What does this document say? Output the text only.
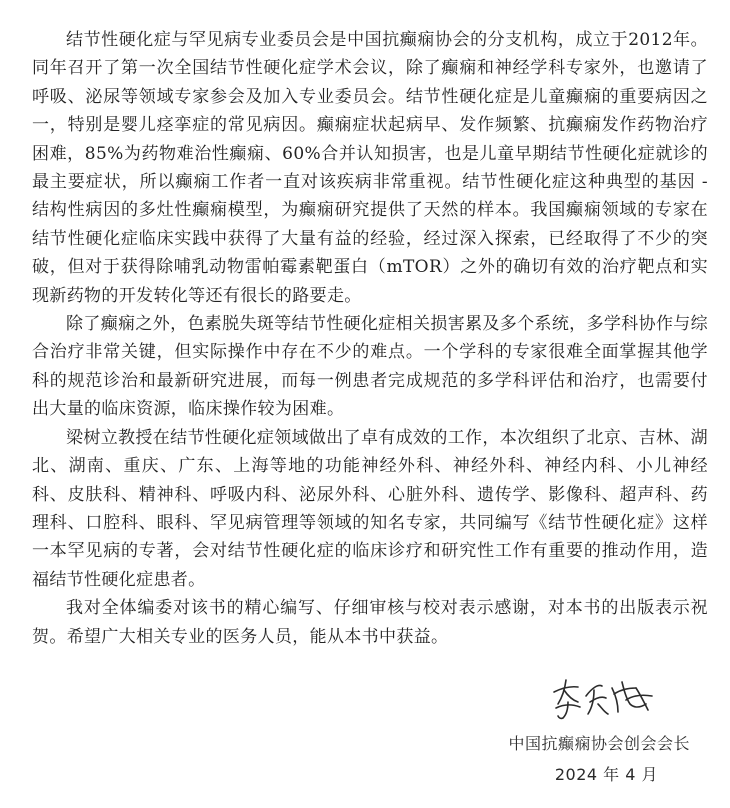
结节性硬化症与罕见病专业委员会是中国抗癫痫协会的分支机构，成立于2012年。同年召开了第一次全国结节性硬化症学术会议，除了癫痫和神经学科专家外，也邀请了呼吸、泌尿等领域专家参会及加入专业委员会。结节性硬化症是儿童癫痫的重要病因之一，特别是婴儿痉挛症的常见病因。癫痫症状起病早、发作频繁、抗癫痫发作药物治疗困难，85%为药物难治性癫痫、60%合并认知损害，也是儿童早期结节性硬化症就诊的最主要症状，所以癫痫工作者一直对该疾病非常重视。结节性硬化症这种典型的基因 - 结构性病因的多灶性癫痫模型，为癫痫研究提供了天然的样本。我国癫痫领域的专家在结节性硬化症临床实践中获得了大量有益的经验，经过深入探索，已经取得了不少的突破，但对于获得除哺乳动物雷帕霉素靶蛋白（mTOR）之外的确切有效的治疗靶点和实现新药物的开发转化等还有很长的路要走。

除了癫痫之外，色素脱失斑等结节性硬化症相关损害累及多个系统，多学科协作与综合治疗非常关键，但实际操作中存在不少的难点。一个学科的专家很难全面掌握其他学科的规范诊治和最新研究进展，而每一例患者完成规范的多学科评估和治疗，也需要付出大量的临床资源，临床操作较为困难。

梁树立教授在结节性硬化症领域做出了卓有成效的工作，本次组织了北京、吉林、湖北、湖南、重庆、广东、上海等地的功能神经外科、神经外科、神经内科、小儿神经科、皮肤科、精神科、呼吸内科、泌尿外科、心脏外科、遗传学、影像科、超声科、药理科、口腔科、眼科、罕见病管理等领域的知名专家，共同编写《结节性硬化症》这样一本罕见病的专著，会对结节性硬化症的临床诊疗和研究性工作有重要的推动作用，造福结节性硬化症患者。

我对全体编委对该书的精心编写、仔细审核与校对表示感谢，对本书的出版表示祝贺。希望广大相关专业的医务人员，能从本书中获益。

中国抗癫痫协会创会会长
2024 年 4 月
